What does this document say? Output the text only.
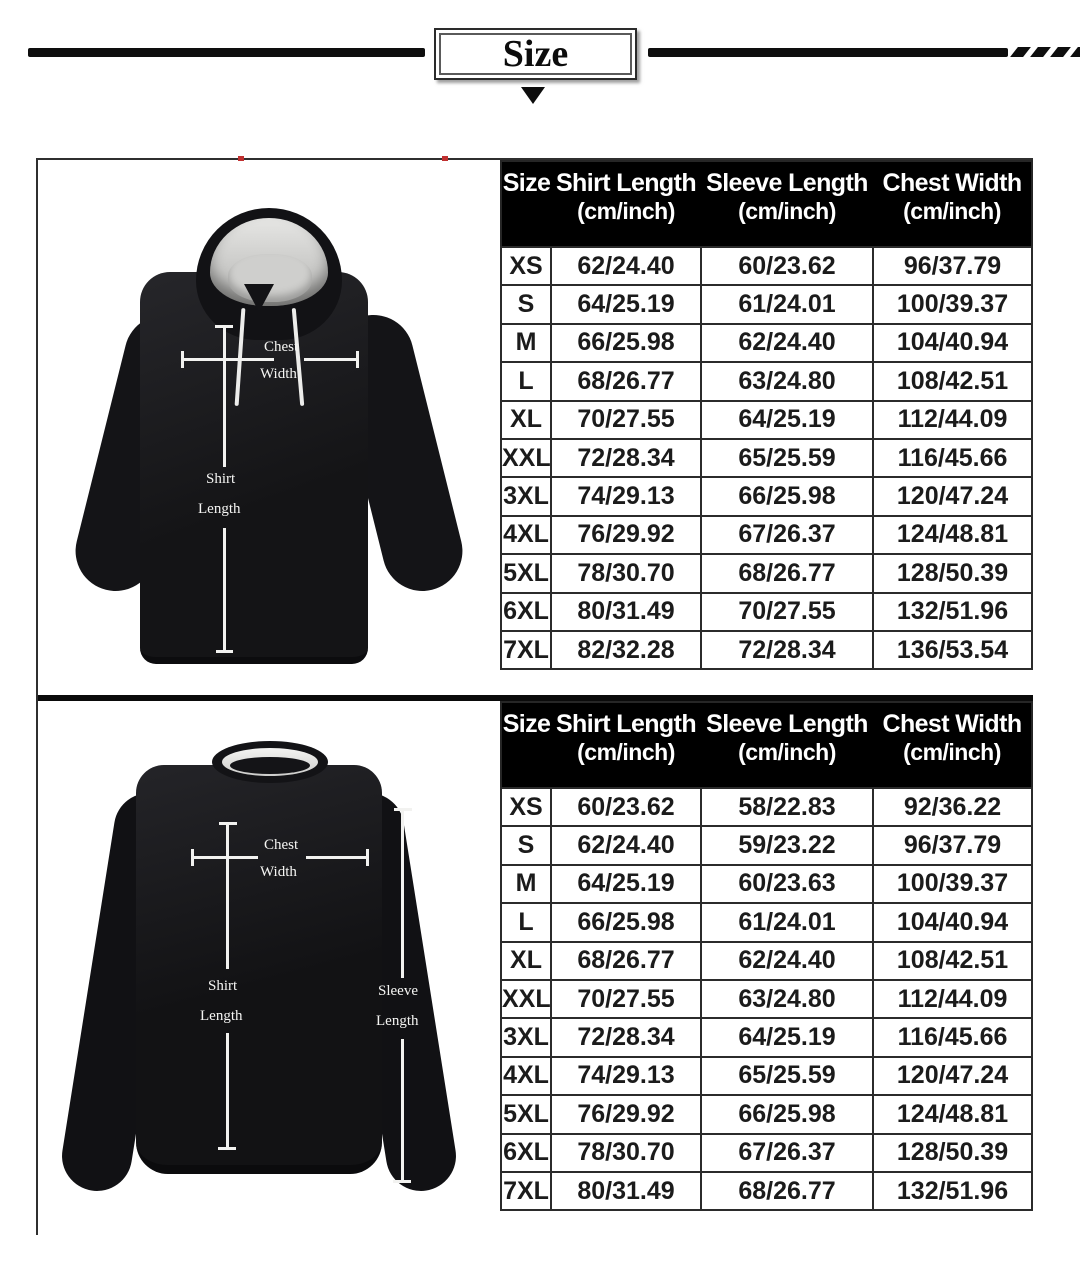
Size
Chest
Width
Shirt
Length
Size	Shirt Length
(cm/inch)

Sleeve Length
(cm/inch)

Chest Width
(cm/inch)

XS	62/24.40	60/23.62	96/37.79
S	64/25.19	61/24.01	100/39.37
M	66/25.98	62/24.40	104/40.94
L	68/26.77	63/24.80	108/42.51
XL	70/27.55	64/25.19	112/44.09
XXL	72/28.34	65/25.59	116/45.66
3XL	74/29.13	66/25.98	120/47.24
4XL	76/29.92	67/26.37	124/48.81
5XL	78/30.70	68/26.77	128/50.39
6XL	80/31.49	70/27.55	132/51.96
7XL	82/32.28	72/28.34	136/53.54
Chest
Width
Shirt
Length
Sleeve
Length
Size	Shirt Length
(cm/inch)

Sleeve Length
(cm/inch)

Chest Width
(cm/inch)

XS	60/23.62	58/22.83	92/36.22
S	62/24.40	59/23.22	96/37.79
M	64/25.19	60/23.63	100/39.37
L	66/25.98	61/24.01	104/40.94
XL	68/26.77	62/24.40	108/42.51
XXL	70/27.55	63/24.80	112/44.09
3XL	72/28.34	64/25.19	116/45.66
4XL	74/29.13	65/25.59	120/47.24
5XL	76/29.92	66/25.98	124/48.81
6XL	78/30.70	67/26.37	128/50.39
7XL	80/31.49	68/26.77	132/51.96
